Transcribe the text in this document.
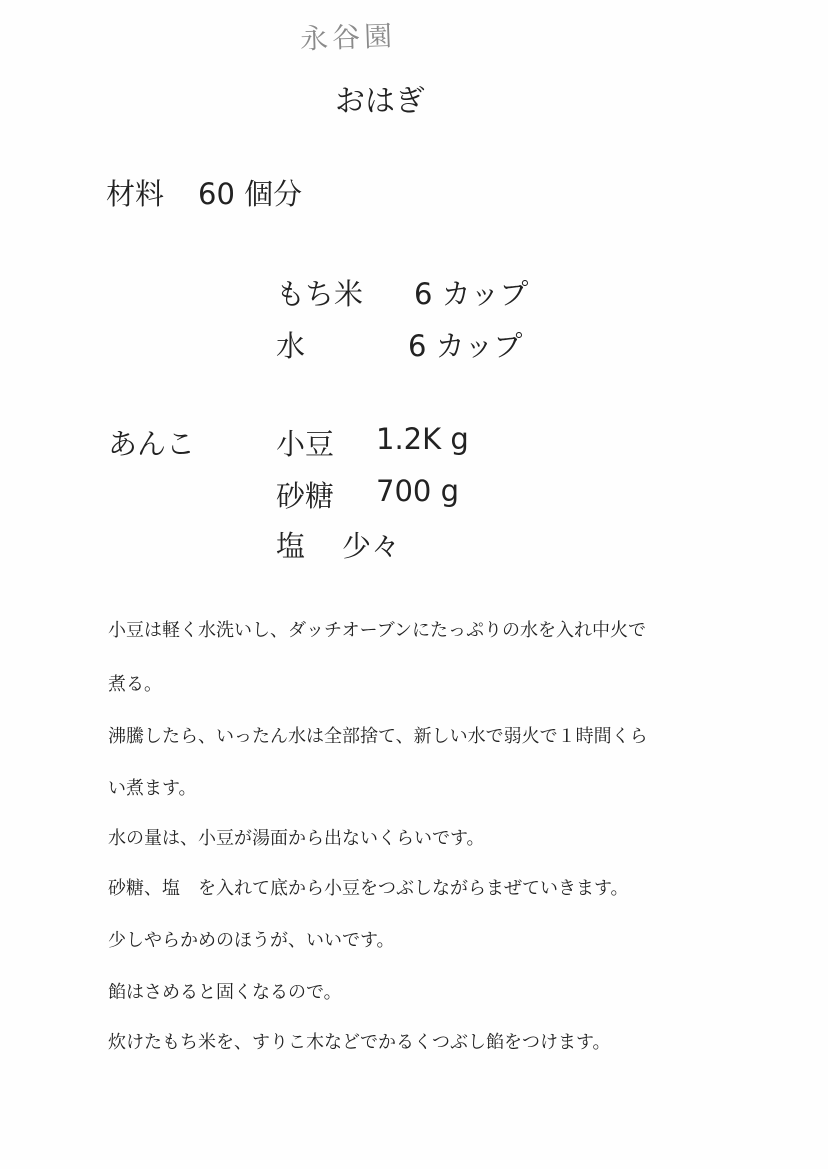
永谷園
おはぎ
材料 60 個分
もち米 6 カップ
水	6 カップ
あんこ	小豆 1.2K g
砂糖 700 g
塩 少々

小豆は軽く水洗いし、ダッチオーブンにたっぷりの水を入れ中火で

煮る。

沸騰したら、いったん水は全部捨て、新しい水で弱火で１時間くら

い煮ます。

水の量は、小豆が湯面から出ないくらいです。

砂糖、塩　を入れて底から小豆をつぶしながらまぜていきます。

少しやらかめのほうが、いいです。

餡はさめると固くなるので。

炊けたもち米を、すりこ木などでかるくつぶし餡をつけます。
